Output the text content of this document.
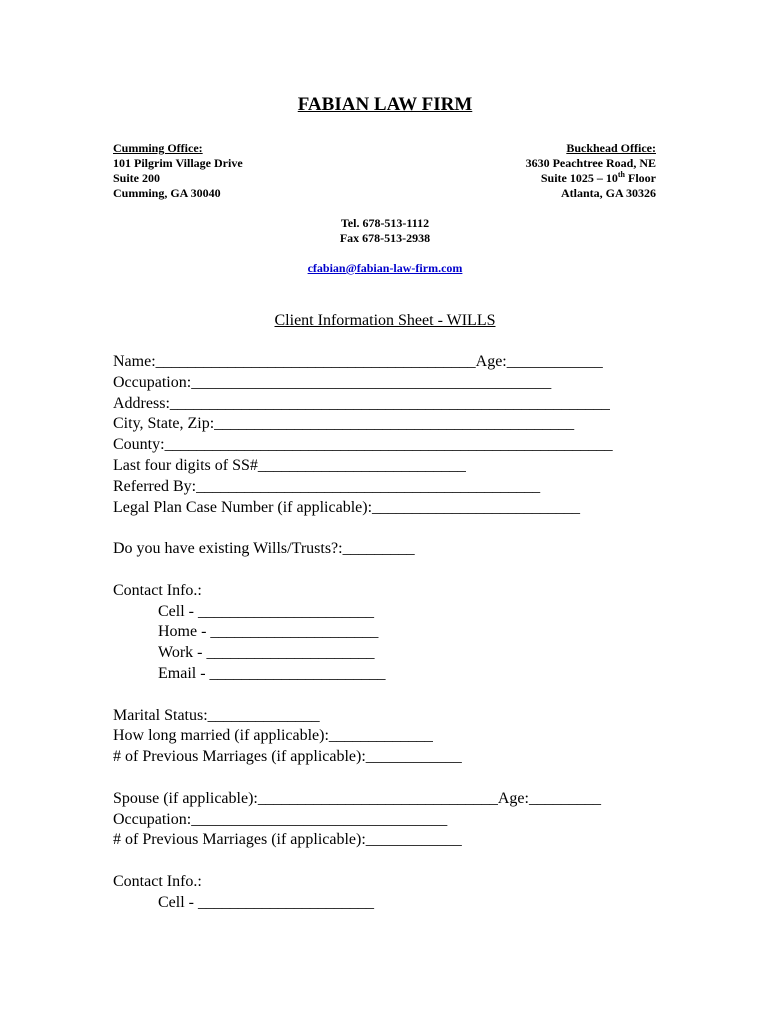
FABIAN LAW FIRM
Cumming Office:
101 Pilgrim Village Drive
Suite 200
Cumming, GA 30040
Buckhead Office:
3630 Peachtree Road, NE
Suite 1025 – 10th Floor
Atlanta, GA 30326
Tel. 678-513-1112
Fax 678-513-2938
cfabian@fabian-law-firm.com
Client Information Sheet - WILLS
Name:________________________________________Age:____________
Occupation:_____________________________________________
Address:_______________________________________________________
City, State, Zip:_____________________________________________
County:________________________________________________________
Last four digits of SS#__________________________
Referred By:___________________________________________
Legal Plan Case Number (if applicable):__________________________
Do you have existing Wills/Trusts?:_________
Contact Info.:
Cell - ______________________
Home - _____________________
Work - _____________________
Email - ______________________
Marital Status:______________
How long married (if applicable):_____________
# of Previous Marriages (if applicable):____________
Spouse (if applicable):______________________________Age:_________
Occupation:________________________________
# of Previous Marriages (if applicable):____________
Contact Info.:
Cell - ______________________
